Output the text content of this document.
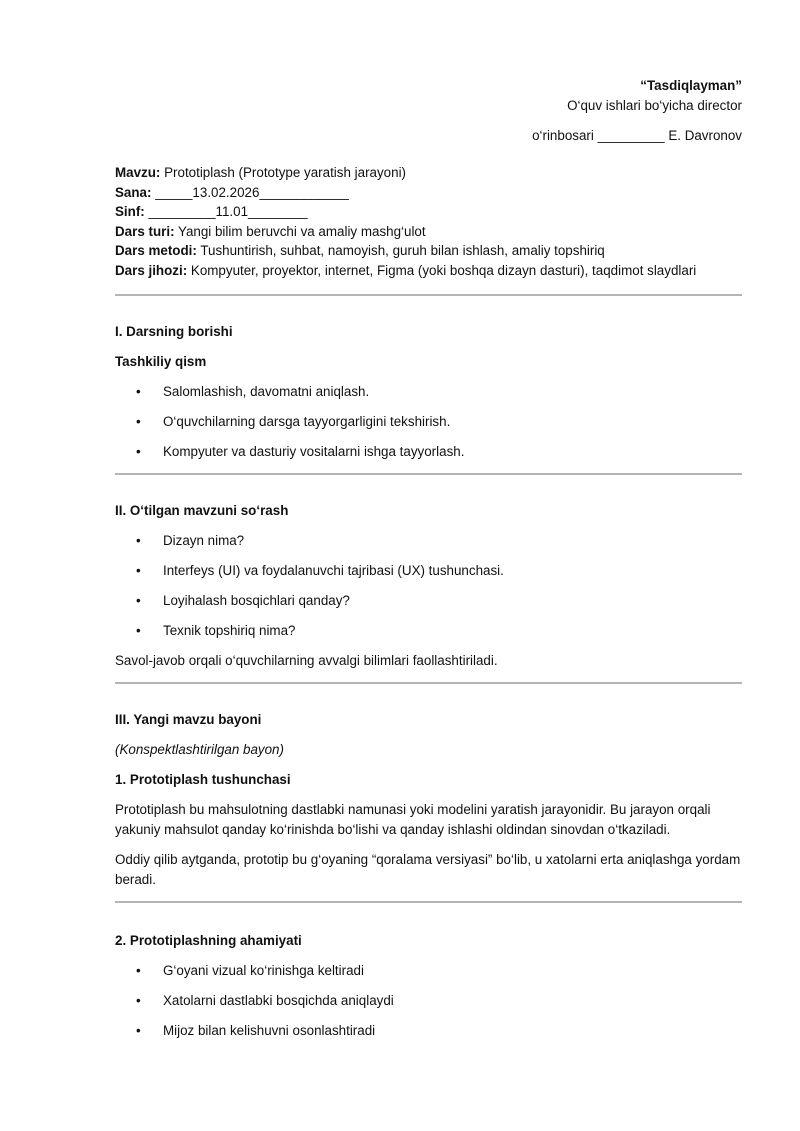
“Tasdiqlayman”
O‘quv ishlari bo‘yicha director
o‘rinbosari _________ E. Davronov
Mavzu: Prototiplash (Prototype yaratish jarayoni)
Sana: _____13.02.2026____________
Sinf: _________11.01________
Dars turi: Yangi bilim beruvchi va amaliy mashg‘ulot
Dars metodi: Tushuntirish, suhbat, namoyish, guruh bilan ishlash, amaliy topshiriq
Dars jihozi: Kompyuter, proyektor, internet, Figma (yoki boshqa dizayn dasturi), taqdimot slaydlari
I. Darsning borishi
Tashkiliy qism
• Salomlashish, davomatni aniqlash.
• O‘quvchilarning darsga tayyorgarligini tekshirish.
• Kompyuter va dasturiy vositalarni ishga tayyorlash.
II. O‘tilgan mavzuni so‘rash
• Dizayn nima?
• Interfeys (UI) va foydalanuvchi tajribasi (UX) tushunchasi.
• Loyihalash bosqichlari qanday?
• Texnik topshiriq nima?

Savol-javob orqali o‘quvchilarning avvalgi bilimlari faollashtiriladi.

III. Yangi mavzu bayoni

(Konspektlashtirilgan bayon)

1. Prototiplash tushunchasi

Prototiplash bu mahsulotning dastlabki namunasi yoki modelini yaratish jarayonidir. Bu jarayon orqali yakuniy mahsulot qanday ko‘rinishda bo‘lishi va qanday ishlashi oldindan sinovdan o‘tkaziladi.

Oddiy qilib aytganda, prototip bu g‘oyaning “qoralama versiyasi” bo‘lib, u xatolarni erta aniqlashga yordam beradi.

2. Prototiplashning ahamiyati
• G‘oyani vizual ko‘rinishga keltiradi
• Xatolarni dastlabki bosqichda aniqlaydi
• Mijoz bilan kelishuvni osonlashtiradi
